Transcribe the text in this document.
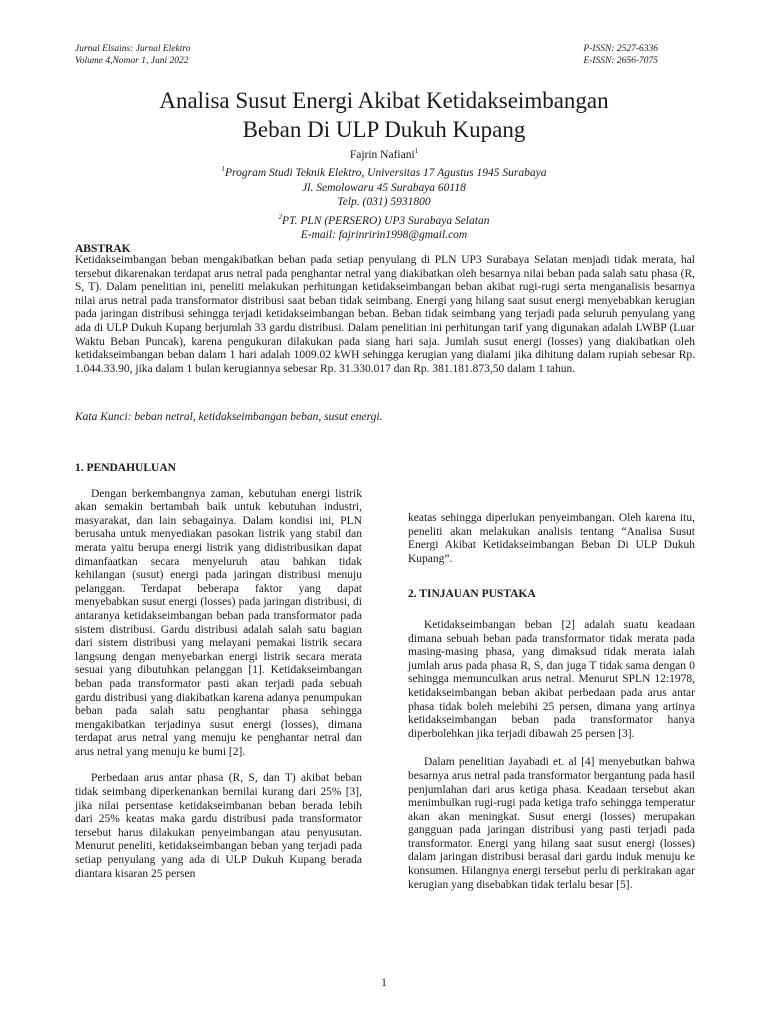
Jurnal Elsains: Jurnal Elektro
Volume 4,Nomor 1, Juni 2022
P-ISSN: 2527-6336
E-ISSN: 2656-7075
Analisa Susut Energi Akibat Ketidakseimbangan
Beban Di ULP Dukuh Kupang
Fajrin Nafiani$^1$
$^1$Program Studi Teknik Elektro, Universitas 17 Agustus 1945 Surabaya
Jl. Semolowaru 45 Surabaya 60118
Telp. (031) 5931800
$^2$PT. PLN (PERSERO) UP3 Surabaya Selatan
E-mail: fajrinririn1998@gmail.com
ABSTRAK
Ketidakseimbangan beban mengakibatkan beban pada setiap penyulang di PLN UP3 Surabaya Selatan menjadi tidak merata, hal tersebut dikarenakan terdapat arus netral pada penghantar netral yang diakibatkan oleh besarnya nilai beban pada salah satu phasa (R, S, T). Dalam penelitian ini, peneliti melakukan perhitungan ketidakseimbangan beban akibat rugi-rugi serta menganalisis besarnya nilai arus netral pada transformator distribusi saat beban tidak seimbang. Energi yang hilang saat susut energi menyebabkan kerugian pada jaringan distribusi sehingga terjadi ketidakseimbangan beban. Beban tidak seimbang yang terjadi pada seluruh penyulang yang ada di ULP Dukuh Kupang berjumlah 33 gardu distribusi. Dalam penelitian ini perhitungan tarif yang digunakan adalah LWBP (Luar Waktu Beban Puncak), karena pengukuran dilakukan pada siang hari saja. Jumlah susut energi (losses) yang diakibatkan oleh ketidakseimbangan beban dalam 1 hari adalah 1009.02 kWH sehingga kerugian yang dialami jika dihitung dalam rupiah sebesar Rp. 1.044.33.90, jika dalam 1 bulan kerugiannya sebesar Rp. 31.330.017 dan Rp. 381.181.873,50 dalam 1 tahun.
Kata Kunci: beban netral, ketidakseimbangan beban, susut energi.
1. PENDAHULUAN

Dengan berkembangnya zaman, kebutuhan energi listrik akan semakin bertambah baik untuk kebutuhan industri, masyarakat, dan lain sebagainya. Dalam kondisi ini, PLN berusaha untuk menyediakan pasokan listrik yang stabil dan merata yaitu berupa energi listrik yang didistribusikan dapat dimanfaatkan secara menyeluruh atau bahkan tidak kehilangan (susut) energi pada jaringan distribusi menuju pelanggan. Terdapat beberapa faktor yang dapat menyebabkan susut energi (losses) pada jaringan distribusi, di antaranya ketidakseimbangan beban pada transformator pada sistem distribusi. Gardu distribusi adalah salah satu bagian dari sistem distribusi yang melayani pemakai listrik secara langsung dengan menyebarkan energi listrik secara merata sesuai yang dibutuhkan pelanggan [1]. Ketidakseimbangan beban pada transformator pasti akan terjadi pada sebuah gardu distribusi yang diakibatkan karena adanya penumpukan beban pada salah satu penghantar phasa sehingga mengakibatkan terjadinya susut energi (losses), dimana terdapat arus netral yang menuju ke penghantar netral dan arus netral yang menuju ke bumi [2].

Perbedaan arus antar phasa (R, S, dan T) akibat beban tidak seimbang diperkenankan bernilai kurang dari 25% [3], jika nilai persentase ketidakseimbanan beban berada lebih dari 25% keatas maka gardu distribusi pada transformator tersebut harus dilakukan penyeimbangan atau penyusutan. Menurut peneliti, ketidakseimbangan beban yang terjadi pada setiap penyulang yang ada di ULP Dukuh Kupang berada diantara kisaran 25 persen

keatas sehingga diperlukan penyeimbangan. Oleh karena itu, peneliti akan melakukan analisis tentang “Analisa Susut Energi Akibat Ketidakseimbangan Beban Di ULP Dukuh Kupang”.

2. TINJAUAN PUSTAKA

Ketidakseimbangan beban [2] adalah suatu keadaan dimana sebuah beban pada transformator tidak merata pada masing-masing phasa, yang dimaksud tidak merata ialah jumlah arus pada phasa R, S, dan juga T tidak sama dengan 0 sehingga memunculkan arus netral. Menurut SPLN 12:1978, ketidakseimbangan beban akibat perbedaan pada arus antar phasa tidak boleh melebihi 25 persen, dimana yang artinya ketidakseimbangan beban pada transformator hanya diperbolehkan jika terjadi dibawah 25 persen [3].

Dalam penelitian Jayabadi et. al [4] menyebutkan bahwa besarnya arus netral pada transformator bergantung pada hasil penjumlahan dari arus ketiga phasa. Keadaan tersebut akan menimbulkan rugi-rugi pada ketiga trafo sehingga temperatur akan akan meningkat. Susut energi (losses) merupakan gangguan pada jaringan distribusi yang pasti terjadi pada transformator. Energi yang hilang saat susut energi (losses) dalam jaringan distribusi berasal dari gardu induk menuju ke konsumen. Hilangnya energi tersebut perlu di perkirakan agar kerugian yang disebabkan tidak terlalu besar [5].

1
